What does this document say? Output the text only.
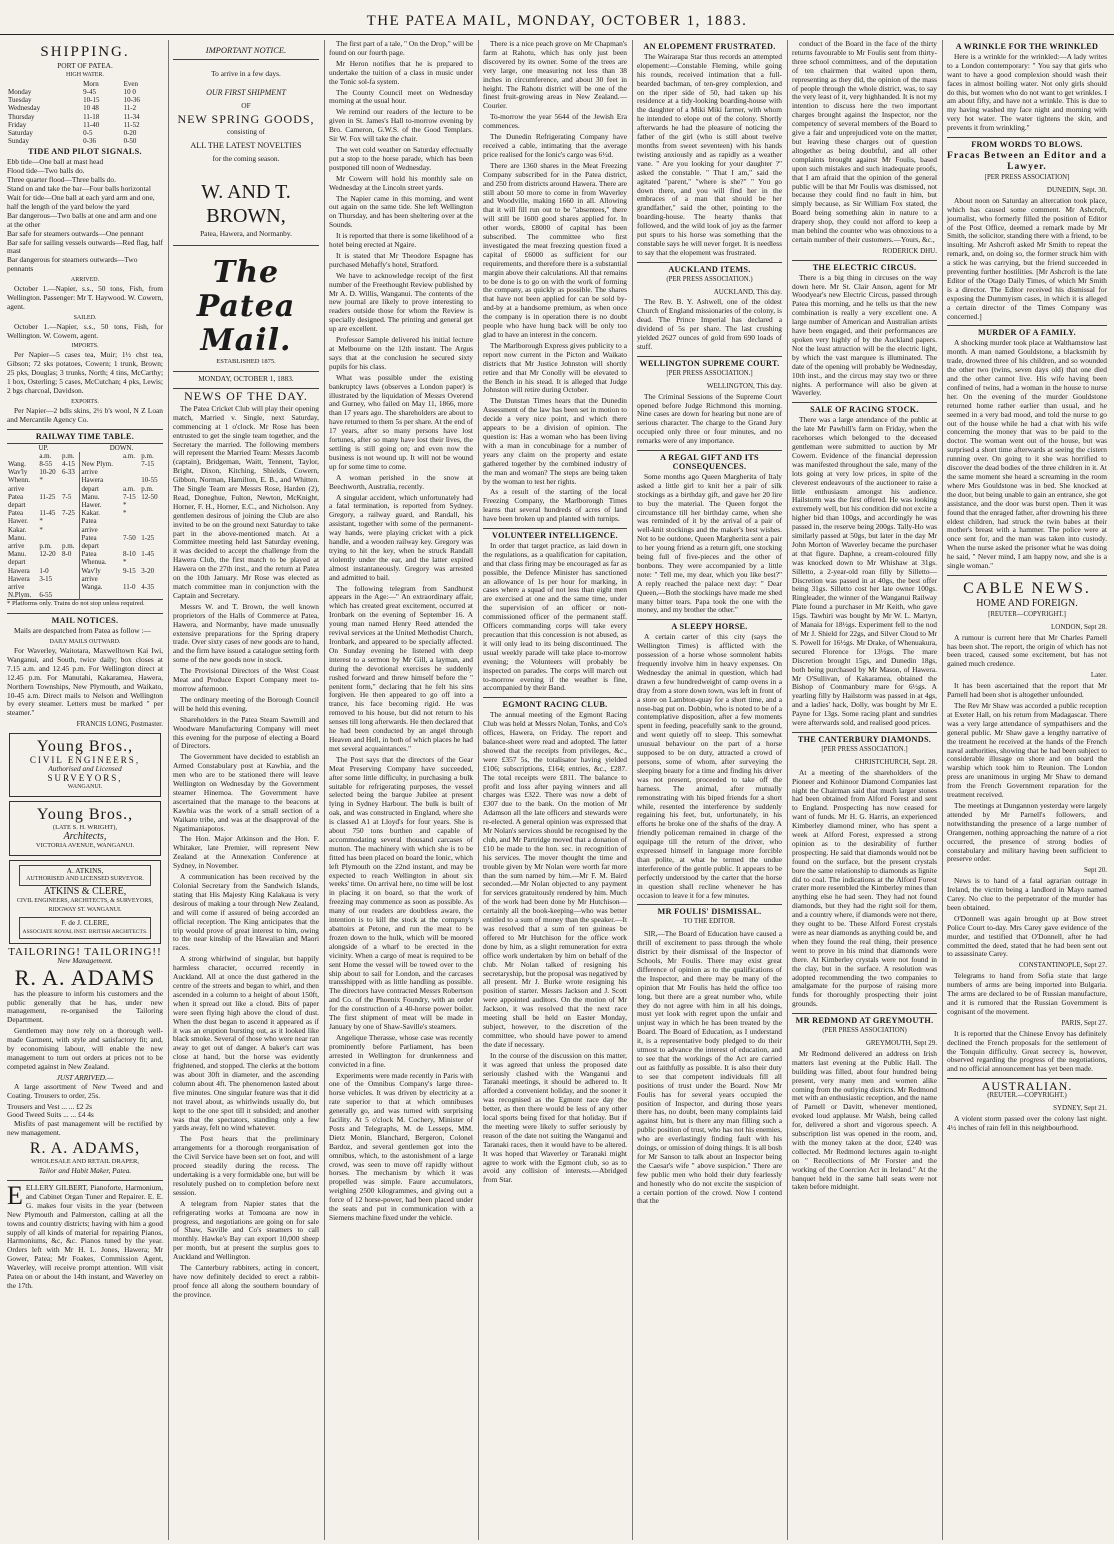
THE PATEA MAIL, MONDAY, OCTOBER 1, 1883.
SHIPPING.
PORT OF PATEA.
HIGH WATER.
	Morn	Even
Monday	9-45	10 0
Tuesday	10-15	10-36
Wednesday	10 48	11-2
Thursday	11-18	11-34
Friday	11-40	11-52
Saturday	0-5	0-20
Sunday	0-36	0-50
TIDE AND PILOT SIGNALS.
Ebb tide—One ball at mast head
Flood tide—Two balls do.
Three quarter flood—Three balls do.
Stand on and take the bar—Four balls horizontal
Wait for tide—One ball at each yard arm and one, half the length of the yard below the yard
Bar dangerous—Two balls at one and arm and one at the other
Bar safe for steamers outwards—One pennant
Bar safe for sailing vessels outwards—Red flag, half mast
Bar dangerous for steamers outwards—Two pennants
ARRIVED.

October 1.—Napier, s.s., 50 tons, Fish, from Wellington. Passenger: Mr T. Haywood. W. Cowern, agent.

SAILED.

October 1.—Napier, s.s., 50 tons, Fish, for Wellington. W. Cowern, agent.

IMPORTS.

Per Napier—5 cases tea, Muir; 1½ chst tea, Gibson; 72 sks potatoes, Cowern; 1 trunk, Brown; 25 pks, Douglas; 3 trunks, North; 4 tins, McCarthy; 1 box, Osterling; 5 cases, McCutchan; 4 pks, Lewis; 2 bgs charcoal, Davidson.

EXPORTS.

Per Napier—2 bdls skins, 2½ b's wool, N Z Loan and Mercantile Agency Co.

RAILWAY TIME TABLE.
UP.			DOWN.		
	a.m.	p.m.		a.m.	p.m.
Wang.	8-55	4-15	New Plym.		7-15
Wav'ly	10-20	6-33	arrive		
Whenn.	*		Hawera		10-55
arrive			depart	a.m.	p.m.
Patea	11-25	7-5	Manu.	7-15	12-50
depart			Hawer.	*	
Patea	11-45	7-25	Kakar.	*	
Hawer.	*		Patea		
Kakar.	*		arrive		
Manu.			Patea	7-50	1-25
arrive	p.m.	p.m.	depart		
Manu.	12-20	8-0	Patea	8-10	1-45
depart			Whenua.	*	
Hawera	1-0		Wav'ly	9-15	3-20
Hawera	3-15		arrive		
arrive			Wanga.	11-0	4-35
N.Plym.	6-55				
* Platforms only. Trains do not stop unless required.
MAIL NOTICES.

Mails are despatched from Patea as follow :—

DAILY MAILS OUTWARD.

For Waverley, Waitotara, Maxwelltown Kai Iwi, Wanganui, and South, twice daily; box closes at 7.15 a.m. and 12.45 p.m. For Wellington direct at 12.45 p.m. For Manutahi, Kakaramea, Hawera, Northern Townships, New Plymouth, and Waikato, 10-45 a.m. Direct mails to Nelson and Wellington by every steamer. Letters must be marked " per steamer."

FRANCIS LONG, Postmaster.
Young Bros.,
CIVIL ENGINEERS,
Authorised and Licensed
SURVEYORS,
WANGANUI.
Young Bros.,
(LATE S. H. WRIGHT),
Architects,
VICTORIA AVENUE, WANGANUI.
A. ATKINS,
AUTHORISED AND LICENSED SURVEYOR.
ATKINS & CLERE,
CIVIL ENGINEERS, ARCHITECTS, & SURVEYORS,
RIDGWAY ST. WANGANUI.
F. de J. CLERE,
ASSOCIATE ROYAL INST. BRITISH ARCHITECTS.
TAILORING! TAILORING!!
New Management.
R. A. ADAMS

has the pleasure to inform his customers and the public generally that he has, under new management, re-organised the Tailoring Department.

Gentlemen may now rely on a thorough well-made Garment, with style and satisfactory fit; and, by economising labour, will enable the new management to turn out orders at prices not to be competed against in New Zealand.

JUST ARRIVED.—

A large assortment of New Tweed and and Coating. Trousers to order, 25s.

Trousers and Vest ... ... £2 2s
Good Tweed Suits ... ... £4 4s

Misfits of past management will be rectified by new management.

R. A. ADAMS,
WHOLESALE AND RETAIL DRAPER,
Tailor and Habit Maker, Patea.

EELLERY GILBERT, Pianoforte, Harmonium, and Cabinet Organ Tuner and Repairer. E. E. G. makes four visits in the year (between New Plymouth and Palmerston, calling at all the towns and country districts; having with him a good supply of all kinds of material for repairing Pianos, Harmoniums, &c, &c. Pianos tuned by the year. Orders left with Mr H. L. Jones, Hawera; Mr Gower, Patea; Mr Foakes, Commission Agent, Waverley, will receive prompt attention. Will visit Patea on or about the 14th instant, and Waverley on the 17th.

IMPORTANT NOTICE.
To arrive in a few days.
OUR FIRST SHIPMENT
OF
NEW SPRING GOODS,
consisting of
ALL THE LATEST NOVELTIES
for the coming season.
W. AND T. BROWN,
Patea, Hawera, and Normanby.
The Patea Mail.
ESTABLISHED 1875.
MONDAY, OCTOBER 1, 1883.
NEWS OF THE DAY.

The Patea Cricket Club will play their opening match, Married v. Single, next Saturday, commencing at 1 o'clock. Mr Rose has been entrusted to get the single team together, and the Secretary the married. The following members will represent the Married Team: Messrs Jacomb (captain), Bridgeman, Waitt, Tennent, Taylor, Bright, Dixon, Kitching, Shields, Cowern, Gibbon, Norman, Hamilton, E. B., and Whitten. The Single Team are Messrs Rose, Harden (2), Read, Doneghue, Fulton, Newton, McKnight, Horner, F. H., Horner, E.C., and Nicholson. Any gentlemen desirous of joining the Club are also invited to be on the ground next Saturday to take part in the above-mentioned match. At a Committee meeting held last Saturday evening, it was decided to accept the challenge from the Hawera Club, the first match to be played at Hawera on the 27th inst., and the return at Patea on the 10th January. Mr Rose was elected as match committee man in conjunction with the Captain and Secretary.

Messrs W. and T. Brown, the well known proprietors of the Halls of Commerce at Patea, Hawera, and Normanby, have made unusually extensive preparations for the Spring drapery trade. Over sixty cases of new goods are to hand, and the firm have issued a catalogue setting forth some of the new goods now in stock.

The Provisional Directors of the West Coast Meat and Produce Export Company meet to-morrow afternoon.

The ordinary meeting of the Borough Council will be held this evening.

Shareholders in the Patea Steam Sawmill and Woodware Manufacturing Company will meet this evening for the purpose of electing a Board of Directors.

The Government have decided to establish an Armed Constabulary post at Kawhia, and the men who are to be stationed there will leave Wellington on Wednesday by the Government steamer Hinemoa. The Government have ascertained that the manage to the beacons at Kawhia was the work of a small section of a Waikato tribe, and was at the disapproval of the Ngatimaniapotos.

The Hon. Major Atkinson and the Hon. F. Whitaker, late Premier, will represent New Zealand at the Annexation Conference at Sydney, in November.

A communication has been received by the Colonial Secretary from the Sandwich Islands, stating that His Majesty King Kalakaua is very desirous of making a tour through New Zealand, and will come if assured of being accorded an official reception. The King anticipates that the trip would prove of great interest to him, owing to the near kinship of the Hawaiian and Maori races.

A strong whirlwind of singular, but happily harmless character, occurred recently in Auckland. All at once the dust gathered in the centre of the streets and began to whirl, and then ascended in a column to a height of about 150ft, when it spread out like a cloud. Bits of paper were seen flying high above the cloud of dust. When the dust began to ascend it appeared as if it was an eruption bursting out, as it looked like black smoke. Several of those who were near ran away to get out of danger. A baker's cart was close at hand, but the horse was evidently frightened, and stopped. The clerks at the bottom was about 30ft in diameter, and the ascending column about 4ft. The phenomenon lasted about five minutes. One singular feature was that it did not travel about, as whirlwinds usually do, but kept to the one spot till it subsided; and another was that the spectators, standing only a few yards away, felt no wind whatever.

The Post hears that the preliminary arrangements for a thorough reorganisation of the Civil Service have been set on foot, and will proceed steadily during the recess. The undertaking is a very formidable one, but will be resolutely pushed on to completion before next session.

A telegram from Napier states that the refrigerating works at Tomoana are now in progress, and negotiations are going on for sale of Shaw, Saville and Co's steamers to call monthly. Hawke's Bay can export 10,000 sheep per month, but at present the surplus goes to Auckland and Wellington.

The Canterbury rabbiters, acting in concert, have now definitely decided to erect a rabbit-proof fence all along the southern boundary of the province.

The first part of a tale, " On the Drop," will be found on our fourth page.

Mr Heron notifies that he is prepared to undertake the tuition of a class in music under the Tonic sol-fa system.

The County Council meet on Wednesday morning at the usual hour.

We remind our readers of the lecture to be given in St. James's Hall to-morrow evening by Bro. Cameron, G.W.S. of the Good Templars. Sir W. Fox will take the chair.

The wet cold weather on Saturday effectually put a stop to the horse parade, which has been postponed till noon of Wednesday.

Mr Cowern will hold his monthly sale on Wednesday at the Lincoln street yards.

The Napier came in this morning, and went out again on the same tide. She left Wellington on Thursday, and has been sheltering over at the Sounds.

It is reported that there is some likelihood of a hotel being erected at Ngaire.

It is stated that Mr Theodore Espagne has purchased Mehaffy's hotel, Stratford.

We have to acknowledge receipt of the first number of the Freethought Review published by Mr A. D. Willis, Wanganui. The contents of the new journal are likely to prove interesting to readers outside those for whom the Review is specially designed. The printing and general get up are excellent.

Professor Sample delivered his initial lecture at Melbourne on the 12th instant. The Argus says that at the conclusion he secured sixty pupils for his class.

What was possible under the existing bankruptcy laws (observes a London paper) is illustrated by the liquidation of Messrs Overend and Gurney, who failed on May 11, 1866, more than 17 years ago. The shareholders are about to have returned to them 5s per share. At the end of 17 years, after so many persons have lost fortunes, after so many have lost their lives, the settling is still going on; and even now the business is not wound up. It will not be wound up for some time to come.

A woman perished in the snow at Beechworth, Australia, recently.

A singular accident, which unfortunately had a fatal termination, is reported from Sydney. Gregory, a railway guard, and Randall, his assistant, together with some of the permanent-way hands, were playing cricket with a pick handle, and a wooden railway key. Gregory was trying to hit the key, when he struck Randall violently under the ear, and the latter expired almost instantaneously. Gregory was arrested and admitted to bail.

The following telegram from Sandhurst appears in the Age:—" An extraordinary affair, which has created great excitement, occurred at Ironbark on the evening of September 16. A young man named Henry Reed attended the revival services at the United Methodist Church, Ironbark, and appeared to be specially affected. On Sunday evening he listened with deep interest to a sermon by Mr Gill, a layman, and during the devotional exercises he suddenly rushed forward and threw himself before the " penitent form," declaring that he felt his sins forgiven. He then appeared to go off into a trance, his face becoming rigid. He was removed to his house, but did not return to his senses till long afterwards. He then declared that he had been conducted by an angel through Heaven and Hell, in both of which places he had met several acquaintances."

The Post says that the directors of the Gear Meat Preserving Company have succeeded, after some little difficulty, in purchasing a bulk suitable for refrigerating purposes, the vessel selected being the barque Jubilee at present lying in Sydney Harbour. The bulk is built of oak, and was constructed in England, where she is classed A1 at Lloyd's for four years. She is about 750 tons burthen and capable of accommodating several thousand carcases of mutton. The machinery with which she is to be fitted has been placed on board the Ionic, which left Plymouth on the 22nd instant, and may be expected to reach Wellington in about six weeks' time. On arrival here, no time will be lost in placing it on board, so that the work of freezing may commence as soon as possible. As many of our readers are doubtless aware, the intention is to kill the stock at the company's abattoirs at Petone, and run the meat to be frozen down to the hulk, which will be moored alongside of a wharf to be erected in the vicinity. When a cargo of meat is required to be sent Home the vessel will be towed over to the ship about to sail for London, and the carcases transshipped with as little handling as possible. The directors have contracted Messrs Robertson and Co. of the Phoenix Foundry, with an order for the construction of a 40-horse power boiler. The first shipment of meat will be made in January by one of Shaw-Saville's steamers.

Angelique Therasse, whose case was recently prominently before Parliament, has been arrested in Wellington for drunkenness and convicted in a fine.

Experiments were made recently in Paris with one of the Omnibus Company's large three-horse vehicles. It was driven by electricity at a rate superior to that at which omnibuses generally go, and was turned with surprising facility. At 5 o'clock M. Cochery, Minister of Posts and Telegraphs, M. de Lesseps, MM. Dietz Monin, Blanchard, Bergeron, Colonel Bardoz, and several gentlemen got into the omnibus, which, to the astonishment of a large crowd, was seen to move off rapidly without horses. The mechanism by which it was propelled was simple. Faure accumulators, weighing 2500 kilogrammes, and giving out a force of 12 horse-power, had been placed under the seats and put in communication with a Siemens machine fixed under the vehicle.

There is a nice peach grove on Mr Chapman's farm at Rahotu, which has only just been discovered by its owner. Some of the trees are very large, one measuring not less than 38 inches in circumference, and about 30 feet in height. The Rahotu district will be one of the finest fruit-growing areas in New Zealand.—Courier.

To-morrow the year 5644 of the Jewish Era commences.

The Dunedin Refrigerating Company have received a cable, intimating that the average price realised for the Ionic's cargo was 6½d.

There are 1360 shares in the Meat Freezing Company subscribed for in the Patea district, and 250 from districts around Hawera. There are still about 50 more to come in from Waverley and Woodville, making 1660 in all. Allowing that it will fill run out to be "absentees," there will still be 1600 good shares applied for. In other words, £8000 of capital has been subscribed. The committee who first investigated the meat freezing question fixed a capital of £6000 as sufficient for our requirements, and therefore there is a substantial margin above their calculations. All that remains to be done is to go on with the work of forming the company, as quickly as possible. The shares that have not been applied for can be sold by-and-by at a handsome premium, as when once the company is in operation there is no doubt people who have hung back will be only too glad to have an interest in the concern.

The Marlborough Express gives publicity to a report now current in the Picton and Waikato districts that Mr Justice Johnston will shortly retire and that Mr Conolly will be elevated to the Bench in his stead. It is alleged that Judge Johnston will retire during October.

The Dunstan Times hears that the Dunedin Assessment of the law has been set in motion to decide a very nice point, and which there appears to be a division of opinion. The question is: Has a woman who has been living with a man in concubinage for a number of years any claim on the property and estate gathered together by the combined industry of the man and woman? The steps are being taken by the woman to test her rights.

As a result of the starting of the local Freezing Company, the Marlborough Times learns that several hundreds of acres of land have been broken up and planted with turnips.

VOLUNTEER INTELLIGENCE.

In order that target practice, as laid down in the regulations, as a qualification for capitation, and that class firing may be encouraged as far as possible, the Defence Minister has sanctioned an allowance of 1s per hour for marking, in cases where a squad of not less than eight men are exercised at one and the same time, under the supervision of an officer or non-commissioned officer of the permanent staff. Officers commanding corps will take every precaution that this concession is not abused, as it will only lead to its being discontinued. The usual weekly parade will take place to-morrow evening; the Volunteers will probably be inspected on parades. The corps will march out to-morrow evening if the weather is fine, accompanied by their Band.

EGMONT RACING CLUB.

The annual meeting of the Egmont Racing Club was held at Messrs Nolan, Tonks, and Co's offices, Hawera, on Friday. The report and balance-sheet were read and adopted. The latter showed that the receipts from privileges, &c., were £357 5s, the totalisator having yielded £106; subscriptions, £164; entries, &c., £287. The total receipts were £811. The balance to profit and loss after paying winners and all charges was £322. There was now a debt of £307 due to the bank. On the motion of Mr Adamson all the late officers and stewards were re-elected. A general opinion was expressed that Mr Nolan's services should be recognised by the club, and Mr Partridge moved that a donation of £10 be made to the hon. sec. in recognition of his services. The mover thought the time and trouble given by Mr Nolan were worth far more than the sum named by him.—Mr F. M. Baird seconded.—Mr Nolan objected to any payment for services gratuitously rendered by him. Much of the work had been done by Mr Hutchison—certainly all the book-keeping—who was better entitled to a sum of money than the speaker.—It was resolved that a sum of ten guineas be offered to Mr Hutchison for the office work done by him, as a slight remuneration for extra office work undertaken by him on behalf of the club. Mr Nolan talked of resigning his secretaryship, but the proposal was negatived by all present. Mr J. Burke wrote resigning his position of starter. Messrs Jackson and J. Scott were appointed auditors. On the motion of Mr Jackson, it was resolved that the next race meeting shall be held on Easter Monday, subject, however, to the discretion of the committee, who should have power to amend the date if necessary.

In the course of the discussion on this matter, it was agreed that unless the proposed date seriously clashed with the Wanganui and Taranaki meetings, it should be adhered to. It afforded a convenient holiday, and the sooner it was recognised as the Egmont race day the better, as then there would be less of any other local sports being fixed for that holiday. But if the meeting were likely to suffer seriously by reason of the date not suiting the Wanganui and Taranaki races, then it would have to be altered. It was hoped that Waverley or Taranaki might agree to work with the Egmont club, so as to avoid any collision of interests.—Abridged from Star.

AN ELOPEMENT FRUSTRATED.

The Wairarapa Star thus records an attempted elopement:—Constable Fleming, while going his rounds, received intimation that a full-bearded bachman, of ten-grey complexion, and on the riper side of 50, had taken up his residence at a tidy-looking boarding-house with the daughter of a Miki Miki farmer, with whom he intended to elope out of the colony. Shortly afterwards he had the pleasure of noticing the father of the girl (who is still about twelve months from sweet seventeen) with his hands twisting anxiously and as rapidly as a weather vane. " Are you looking for your daughter ?" asked the constable. " That I am," said the agitated "parent," "where is she?" " You go down there, and you will find her in the embraces of a man that should be her grandfather," said the other, pointing to the boarding-house. The hearty thanks that followed, and the wild look of joy as the farmer put spurs to his horse was something that the constable says he will never forget. It is needless to say that the elopement was frustrated.

AUCKLAND ITEMS.
(PER PRESS ASSOCIATION.)
AUCKLAND, This day.

The Rev. B. Y. Ashwell, one of the oldest Church of England missionaries of the colony, is dead. The Prince Imperial has declared a dividend of 5s per share. The last crushing yielded 2627 ounces of gold from 690 loads of stuff.

WELLINGTON SUPREME COURT.
[PER PRESS ASSOCIATION.]
WELLINGTON, This day.

The Criminal Sessions of the Supreme Court opened before Judge Richmond this morning. Nine cases are down for hearing but none are of serious character. The charge to the Grand Jury occupied only three or four minutes, and no remarks were of any importance.

A REGAL GIFT AND ITS CONSEQUENCES.

Some months ago Queen Margherita of Italy asked a little girl to knit her a pair of silk stockings as a birthday gift, and gave her 20 lire to buy the material. The Queen forgot the circumstance till her birthday came, when she was reminded of it by the arrival of a pair of well-knit stockings and the maker's best wishes. Not to be outdone, Queen Margherita sent a pair to her young friend as a return gift, one stocking being full of five-pieces and the other of bonbons. They were accompanied by a little note: " Tell me, my dear, which you like best?" A reply reached the palace next day: " Dear Queen,—Both the stockings have made me shed many bitter tears. Papa took the one with the money, and my brother the other."

A SLEEPY HORSE.

A certain carter of this city (says the Wellington Times) is afflicted with the possession of a horse whose somnolent habits frequently involve him in heavy expenses. On Wednesday the animal in question, which had drawn a few hundredweight of camp ovens in a dray from a store down town, was left in front of a store on Lambton-quay for a short time, and a nose-bag put on. Dobbin, who is noted to be of a contemplative disposition, after a few moments spent in feeding, peacefully sank to the ground, and went quietly off to sleep. This somewhat unusual behaviour on the part of a horse supposed to be on duty, attracted a crowd of persons, some of whom, after surveying the sleeping beauty for a time and finding his driver was not present, proceeded to take off the harness. The animal, after mutually remonstrating with his biped friends for a short while, resented the interference by suddenly regaining his feet, but, unfortunately, in his efforts he broke one of the shafts of the dray. A friendly policeman remained in charge of the equipage till the return of the driver, who expressed himself in language more forcible than polite, at what he termed the undue interference of the gentle public. It appears to be perfectly understood by the carter that the horse in question shall recline whenever he has occasion to leave it for a few minutes.

MR FOULIS' DISMISSAL.
TO THE EDITOR.

SIR,—The Board of Education have caused a thrill of excitement to pass through the whole district by their dismissal of the Inspector of Schools, Mr Foulis. There may exist great difference of opinion as to the qualifications of the Inspector, and there may be many of the opinion that Mr Foulis has held the office too long, but there are a great number who, while they do not agree with him in all his doings, must yet look with regret upon the unfair and unjust way in which he has been treated by the Board. The Board of Education, as I understand it, is a representative body pledged to do their utmost to advance the interest of education, and to see that the workings of the Act are carried out as faithfully as possible. It is also their duty to see that competent individuals fill all positions of trust under the Board. Now Mr Foulis has for several years occupied the position of Inspector, and during those years there has, no doubt, been many complaints laid against him, but is there any man filling such a public position of trust, who has not his enemies, who are everlastingly finding fault with his doings, or omission of doing things. It is all bosh for Mr Sanson to talk about an Inspector being the Caesar's wife " above suspicion." There are few public men who hold their duty fearlessly and honestly who do not excite the suspicion of a certain portion of the crowd. Now I contend that the

conduct of the Board in the face of the thirty returns favourable to Mr Foulis sent from thirty-three school committees, and of the deputation of ten chairmen that waited upon them, representing as they did, the opinion of the mass of people through the whole district, was, to say the very least of it, very highhanded. It is not my intention to discuss here the two important charges brought against the Inspector, nor the competency of several members of the Board to give a fair and unprejudiced vote on the matter, but leaving these charges out of question altogether as being doubtful, and all other complaints brought against Mr Foulis, based upon such mistakes and such inadequate proofs, that I am afraid that the opinion of the general public will be that Mr Foulis was dismissed, not because they could find no fault in him, but simply because, as Sir William Fox stated, the Board being something akin in nature to a drapery shop, they could not afford to keep a man behind the counter who was obnoxious to a certain number of their customers.—Yours, &c.,

RODERICK DHU.
THE ELECTRIC CIRCUS.

There is a big thing in circuses on the way down here. Mr St. Clair Anson, agent for Mr Woodyear's new Electric Circus, passed through Patea this morning, and he tells us that the new combination is really a very excellent one. A large number of American and Australian artists have been engaged, and their performances are spoken very highly of by the Auckland papers. Not the least attraction will be the electric light, by which the vast marquee is illuminated. The date of the opening will probably be Wednesday, 10th inst., and the circus may stay two or three nights. A performance will also be given at Waverley.

SALE OF RACING STOCK.

There was a large attendance of the public at the late Mr Pawhill's farm on Friday, when the racehorses which belonged to the deceased gentleman were submitted to auction by Mr Cowern. Evidence of the financial depression was manifested throughout the sale, many of the lots going at very low prices, in spite of the cleverest endeavours of the auctioneer to raise a little enthusiasm amongst his audience. Hailstorm was the first offered. He was looking extremely well, but his condition did not excite a higher bid than 100gs, and accordingly he was passed in, the reserve being 200gs. Tally-Ho was similarly passed at 50gs, but later in the day Mr John Morton of Waverley became the purchaser at that figure. Daphne, a cream-coloured filly was knocked down to Mr Whishaw at 31gs. Silletto, a 2-year-old roan filly by Silletto—Discretion was passed in at 40gs, the best offer being 31gs. Silletto cost her late owner 100gs. Ringleader, the winner of the Wanganui Railway Plate found a purchaser in Mr Keith, who gave 15gs. Tawhiri was bought by Mr W. L. Martyn, of Manaia for 18½gs. Experiment fell to the nod of Mr J. Shield for 22gs, and Silver Cloud to Mr S. Powell for 16½gs. Mr Drake, of Whenuakura, secured Florence for 13½gs. The mare Discretion brought 15gs, and Dunedin 18gs, both being purchased by Mr Mason, of Hawera. Mr O'Sullivan, of Kakaramea, obtained the Bishop of Conmanbury mare for 6½gs. A yearling filly by Hailstorm was passed in at 4gs, and a ladies' hack, Dolly, was bought by Mr E. Payne for 13gs. Some racing plant and sundries were afterwards sold, and realised good prices.

THE CANTERBURY DIAMONDS.
[PER PRESS ASSOCIATION.]
CHRISTCHURCH, Sept. 28.

At a meeting of the shareholders of the Pioneer and Kohinoor Diamond Companies last night the Chairman said that much larger stones had been obtained from Alford Forest and sent to England. Prospecting has now ceased for want of funds. Mr H. G. Harris, an experienced Kimberley diamond miner, who has spent a week at Alford Forest, expressed a strong opinion as to the desirability of further prospecting. He said that diamonds would not be found on the surface, but the present crystals bore the same relationship to diamonds as lignite did to coal. The indications at the Alford Forest crater more resembled the Kimberley mines than anything else he had seen. They had not found diamonds, but they had the right soil for them, and a country where, if diamonds were not there, they ought to be. These Alford Forest crystals were as near diamonds as anything could be, and when they found the real thing, their presence went to prove in his mind that diamonds were there. At Kimberley crystals were not found in the clay, but in the surface. A resolution was adopted recommending the two companies to amalgamate for the purpose of raising more funds for thoroughly prospecting their joint grounds.

MR REDMOND AT GREYMOUTH.
(PER PRESS ASSOCIATION)
GREYMOUTH, Sept 29.

Mr Redmond delivered an address on Irish matters last evening at the Public Hall. The building was filled, about four hundred being present, very many men and women alike coming from the outlying districts. Mr Redmond met with an enthusiastic reception, and the name of Parnell or Davitt, whenever mentioned, evoked loud applause. Mr Walsh, being called for, delivered a short and vigorous speech. A subscription list was opened in the room, and, with the money taken at the door, £240 was collected. Mr Redmond lectures again to-night on " Recollections of Mr Forster and the working of the Coercion Act in Ireland." At the banquet held in the same hall seats were not taken before midnight.

A WRINKLE FOR THE WRINKLED

Here is a wrinkle for the wrinkled:—A lady writes to a London contemporary: " You say that girls who want to have a good complexion should wash their faces in almost boiling water. Not only girls should do this, but women who do not want to get wrinkles. I am about fifty, and have not a wrinkle. This is due to my having washed my face night and morning with very hot water. The water tightens the skin, and prevents it from wrinkling."

FROM WORDS TO BLOWS.
Fracas Between an Editor and a Lawyer.
[PER PRESS ASSOCIATION]
DUNEDIN, Sept. 30.

About noon on Saturday an altercation took place, which has caused some comment. Mr Ashcroft, journalist, who formerly filled the position of Editor of the Post Office, deemed a remark made by Mr Smith, the solicitor, standing there with a friend, to be insulting. Mr Ashcroft asked Mr Smith to repeat the remark, and, on doing so, the former struck him with a stick he was carrying, but the friend succeeded in preventing further hostilities. [Mr Ashcroft is the late Editor of the Otago Daily Times, of which Mr Smith is a director. The Editor received his dismissal for exposing the Dummyism cases, in which it is alleged a certain director of the Times Company was concerned.]

MURDER OF A FAMILY.

A shocking murder took place at Walthamstow last month. A man named Gouldstone, a blacksmith by trade, drowned three of his children, and so wounded the other two (twins, seven days old) that one died and the other cannot live. His wife having been confined of twins, had a woman in the house to nurse her. On the evening of the murder Gouldstone returned home rather earlier than usual, and he seemed in a very bad mood, and told the nurse to go out of the house while he had a chat with his wife concerning the money that was to be paid to the doctor. The woman went out of the house, but was surprised a short time afterwards at seeing the cistern running over. On going to it she was horrified to discover the dead bodies of the three children in it. At the same moment she heard a screaming in the room where Mrs Gouldstone was in bed. She knocked at the door, but being unable to gain an entrance, she got assistance, and the door was burst open. Then it was found that the enraged father, after drowning his three eldest children, had struck the twin babes at their mother's breast with a hammer. The police were at once sent for, and the man was taken into custody. When the nurse asked the prisoner what he was doing he said, " Never mind, I am happy now, and she is a single woman."

CABLE NEWS.
HOME AND FOREIGN.
[REUTER—COPYRIGHT.]
LONDON, Sept 28.

A rumour is current here that Mr Charles Parnell has been shot. The report, the origin of which has not been traced, caused some excitement, but has not gained much credence.

Later.

It has been ascertained that the report that Mr Parnell had been shot is altogether unfounded.

The Rev Mr Shaw was accorded a public reception at Exeter Hall, on his return from Madagascar. There was a very large attendance of sympathisers and the general public. Mr Shaw gave a lengthy narrative of the treatment he received at the hands of the French naval authorities, showing that he had been subject to considerable illusage on shore and on board the warship which took him to Reunion. The London press are unanimous in urging Mr Shaw to demand from the French Government reparation for the treatment received.

The meetings at Dungannon yesterday were largely attended by Mr Parnell's followers, and notwithstanding the presence of a large number of Orangemen, nothing approaching the nature of a riot occurred, the presence of strong bodies of constabulary and military having been sufficient to preserve order.

Sept 20.

News is to hand of a fatal agrarian outrage in Ireland, the victim being a landlord in Mayo named Carey. No clue to the perpetrator of the murder has been obtained.

O'Donnell was again brought up at Bow street Police Court to-day. Mrs Carey gave evidence of the murder, and testified that O'Donnell, after he had committed the deed, stated that he had been sent out to assassinate Carey.

CONSTANTINOPLE, Sept 27.

Telegrams to hand from Sofia state that large numbers of arms are being imported into Bulgaria. The arms are declared to be of Russian manufacture, and it is rumored that the Russian Government is cognisant of the movement.

PARIS, Sept 27.

It is reported that the Chinese Envoy has definitely declined the French proposals for the settlement of the Tonquin difficulty. Great secrecy is, however, observed regarding the progress of the negotiations, and no official announcement has yet been made.

AUSTRALIAN.
(REUTER.—COPYRIGHT.)
SYDNEY, Sept 21.

A violent storm passed over the colony last night. 4½ inches of rain fell in this neighbourhood.
